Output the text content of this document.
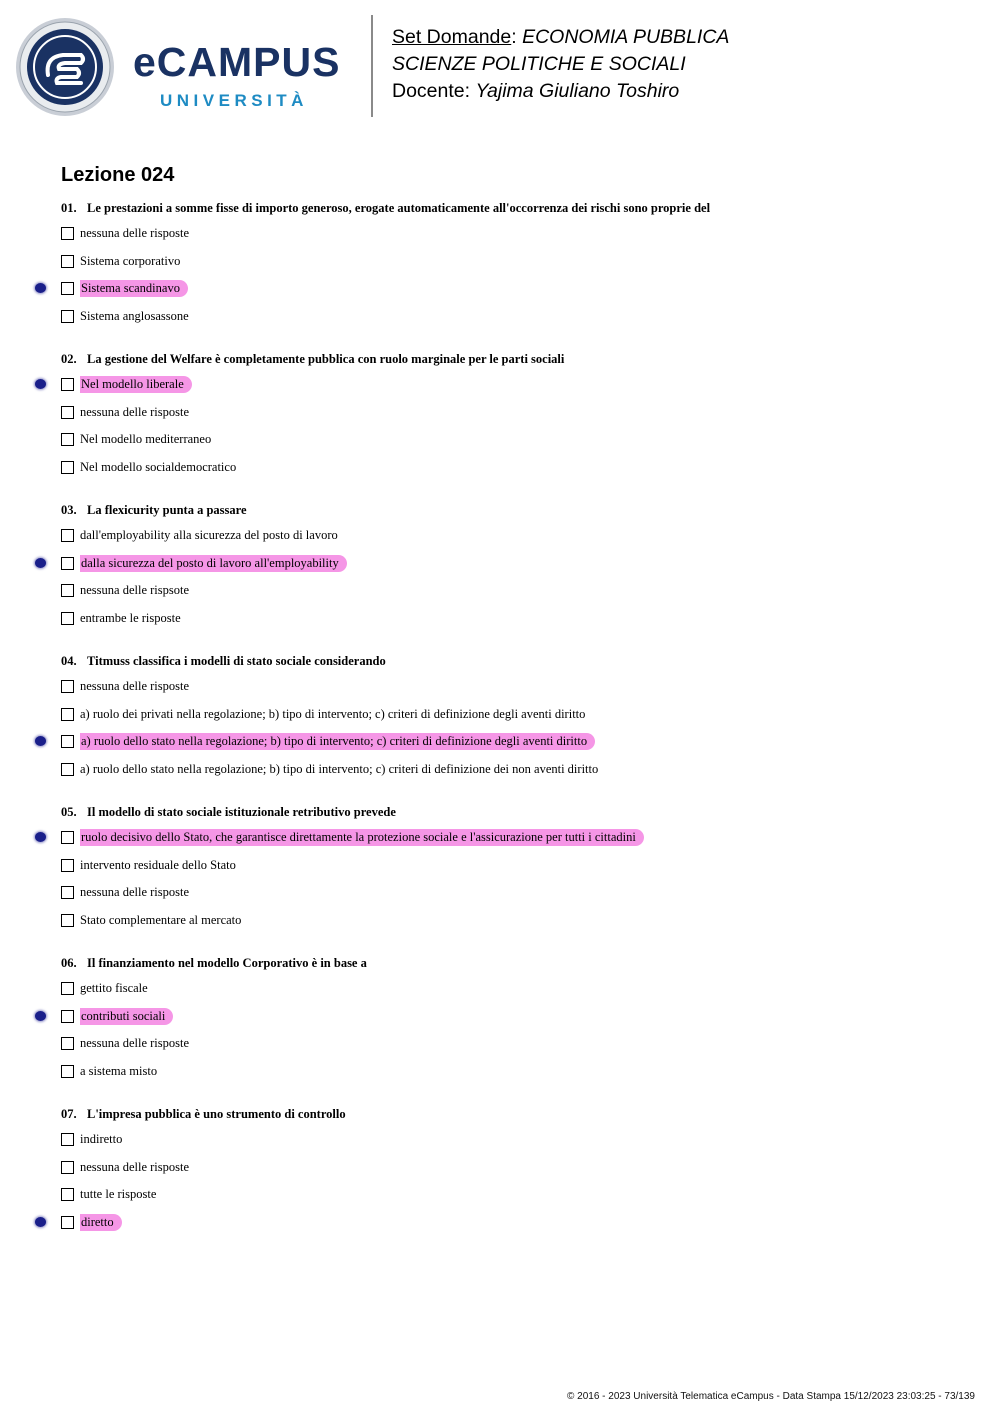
eCAMPUS
UNIVERSITÀ
Set Domande: ECONOMIA PUBBLICA
SCIENZE POLITICHE E SOCIALI
Docente: Yajima Giuliano Toshiro
Lezione 024
01. Le prestazioni a somme fisse di importo generoso, erogate automaticamente all'occorrenza dei rischi sono proprie del
nessuna delle risposte
Sistema corporativo
Sistema scandinavo
Sistema anglosassone
02. La gestione del Welfare è completamente pubblica con ruolo marginale per le parti sociali
Nel modello liberale
nessuna delle risposte
Nel modello mediterraneo
Nel modello socialdemocratico
03. La flexicurity punta a passare
dall'employability alla sicurezza del posto di lavoro
dalla sicurezza del posto di lavoro all'employability
nessuna delle rispsote
entrambe le risposte
04. Titmuss classifica i modelli di stato sociale considerando
nessuna delle risposte
a) ruolo dei privati nella regolazione; b) tipo di intervento; c) criteri di definizione degli aventi diritto
a) ruolo dello stato nella regolazione; b) tipo di intervento; c) criteri di definizione degli aventi diritto
a) ruolo dello stato nella regolazione; b) tipo di intervento; c) criteri di definizione dei non aventi diritto
05. Il modello di stato sociale istituzionale retributivo prevede
ruolo decisivo dello Stato, che garantisce direttamente la protezione sociale e l'assicurazione per tutti i cittadini
intervento residuale dello Stato
nessuna delle risposte
Stato complementare al mercato
06. Il finanziamento nel modello Corporativo è in base a
gettito fiscale
contributi sociali
nessuna delle risposte
a sistema misto
07. L'impresa pubblica è uno strumento di controllo
indiretto
nessuna delle risposte
tutte le risposte
diretto
© 2016 - 2023 Università Telematica eCampus - Data Stampa 15/12/2023 23:03:25 - 73/139
